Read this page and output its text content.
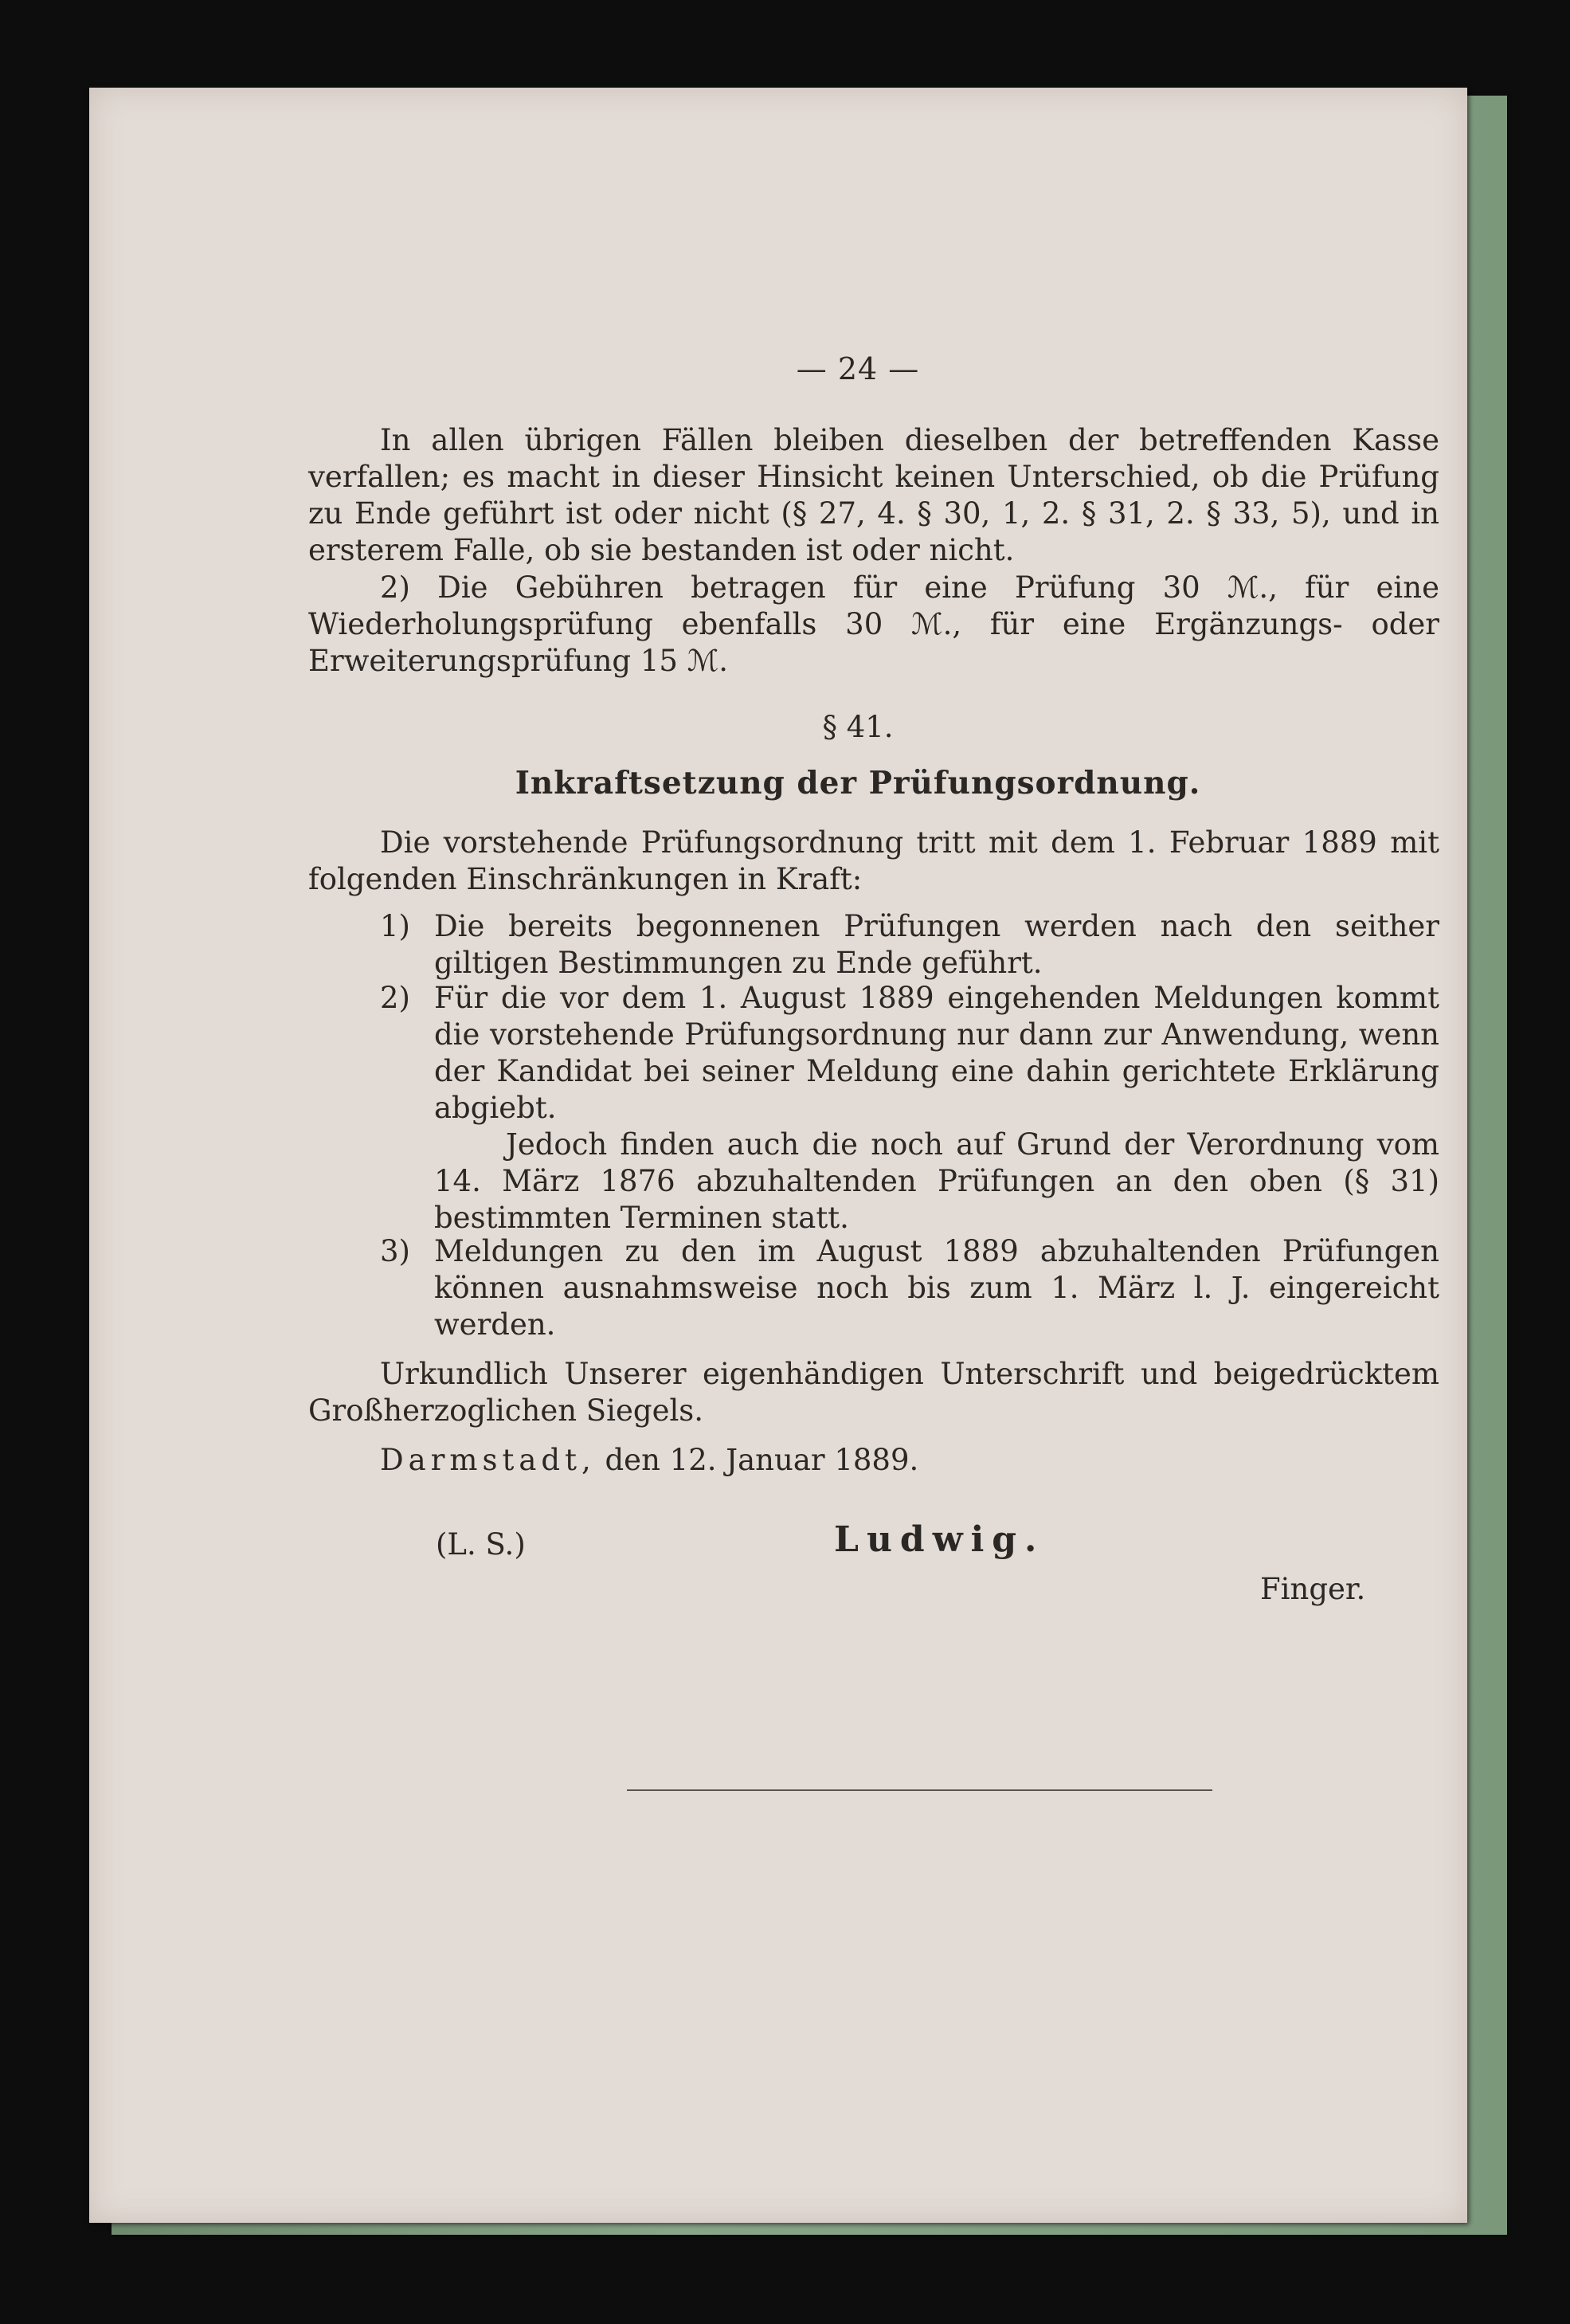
— 24 —

In allen übrigen Fällen bleiben dieselben der betreffenden Kasse verfallen; es macht in dieser Hinsicht keinen Unterschied, ob die Prüfung zu Ende geführt ist oder nicht (§ 27, 4. § 30, 1, 2. § 31, 2. § 33, 5), und in ersterem Falle, ob sie bestanden ist oder nicht.

2) Die Gebühren betragen für eine Prüfung 30 ℳ., für eine Wiederholungsprüfung ebenfalls 30 ℳ., für eine Ergänzungs- oder Erweiterungsprüfung 15 ℳ.

§ 41.

Inkraftsetzung der Prüfungsordnung.

Die vorstehende Prüfungsordnung tritt mit dem 1. Februar 1889 mit folgenden Einschränkungen in Kraft:

1) Die bereits begonnenen Prüfungen werden nach den seither giltigen Bestimmungen zu Ende geführt.

2) Für die vor dem 1. August 1889 eingehenden Meldungen kommt die vorstehende Prüfungsordnung nur dann zur Anwendung, wenn der Kandidat bei seiner Meldung eine dahin gerichtete Erklärung abgiebt.

Jedoch finden auch die noch auf Grund der Verordnung vom 14. März 1876 abzuhaltenden Prüfungen an den oben (§ 31) bestimmten Terminen statt.

3) Meldungen zu den im August 1889 abzuhaltenden Prüfungen können ausnahmsweise noch bis zum 1. März l. J. eingereicht werden.

Urkundlich Unserer eigenhändigen Unterschrift und beigedrücktem Großherzoglichen Siegels.

Darmstadt, den 12. Januar 1889.
(L. S.)	Ludwig.
Finger.
